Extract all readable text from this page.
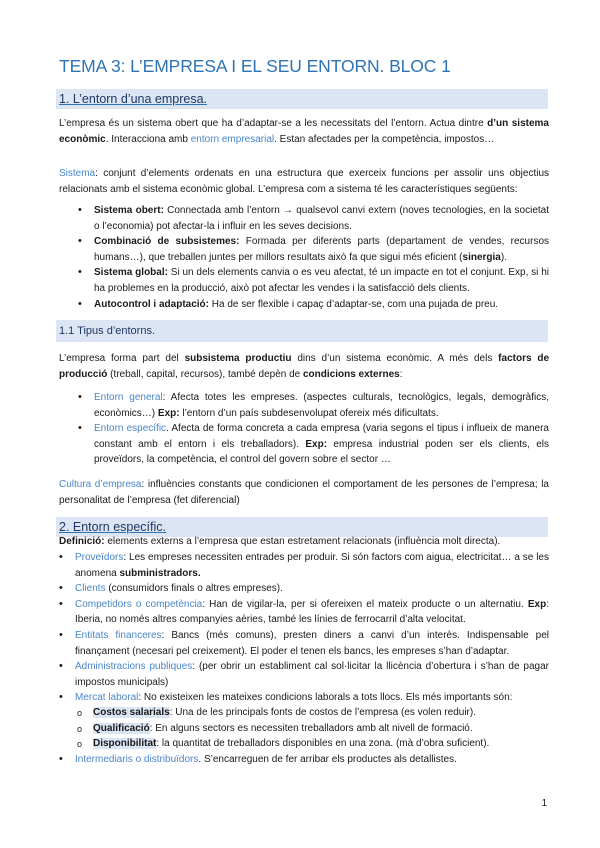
TEMA 3: L’EMPRESA I EL SEU ENTORN. BLOC 1
1. L’entorn d’una empresa.

L’empresa és un sistema obert que ha d’adaptar-se a les necessitats del l’entorn. Actua dintre d’un sistema econòmic. Interacciona amb entorn empresarial. Estan afectades per la competència, impostos…

Sistema: conjunt d’elements ordenats en una estructura que exerceix funcions per assolir uns objectius relacionats amb el sistema econòmic global. L’empresa com a sistema té les característiques següents:

• Sistema obert: Connectada amb l’entorn → qualsevol canvi extern (noves tecnologies, en la societat o l’economia) pot afectar-la i influir en les seves decisions.
• Combinació de subsistemes: Formada per diferents parts (departament de vendes, recursos humans…), que treballen juntes per millors resultats això fa que sigui més eficient (sinergia).
• Sistema global: Si un dels elements canvia o es veu afectat, té un impacte en tot el conjunt. Exp, si hi ha problemes en la producció, això pot afectar les vendes i la satisfacció dels clients.
• Autocontrol i adaptació: Ha de ser flexible i capaç d’adaptar-se, com una pujada de preu.
1.1 Tipus d’entorns.

L’empresa forma part del subsistema productiu dins d’un sistema econòmic. A més dels factors de producció (treball, capital, recursos), també depèn de condicions externes:

• Entorn general: Afecta totes les empreses. (aspectes culturals, tecnològics, legals, demogràfics, econòmics…) Exp: l’entorn d’un país subdesenvolupat ofereix més dificultats.
• Entorn específic. Afecta de forma concreta a cada empresa (varia segons el tipus i influeix de manera constant amb el entorn i els treballadors). Exp: empresa industrial poden ser els clients, els proveïdors, la competència, el control del govern sobre el sector …

Cultura d’empresa: influències constants que condicionen el comportament de les persones de l’empresa; la personalitat de l’empresa (fet diferencial)

2. Entorn específic.

Definició: elements externs a l’empresa que estan estretament relacionats (influència molt directa).

• Proveïdors: Les empreses necessiten entrades per produir. Si són factors com aigua, electricitat… a se les anomena subministradors.
• Clients (consumidors finals o altres empreses).
• Competidors o competència: Han de vigilar-la, per si ofereixen el mateix producte o un alternatiu. Exp: Iberia, no només altres companyies aèries, també les línies de ferrocarril d’alta velocitat.
• Entitats financeres: Bancs (més comuns), presten diners a canvi d’un interès. Indispensable pel finançament (necesari pel creixement). El poder el tenen els bancs, les empreses s’han d’adaptar.
• Administracions publiques: (per obrir un establiment cal sol·licitar la llicència d’obertura i s’han de pagar impostos municipals)
• Mercat laboral: No existeixen les mateixes condicions laborals a tots llocs. Els més importants són:
o Costos salarials: Una de les principals fonts de costos de l’empresa (es volen reduir).
o Qualificació: En alguns sectors es necessiten treballadors amb alt nivell de formació.
o Disponibilitat: la quantitat de treballadors disponibles en una zona. (mà d’obra suficient).
• Intermediaris o distribuïdors. S’encarreguen de fer arribar els productes als detallistes.
1
